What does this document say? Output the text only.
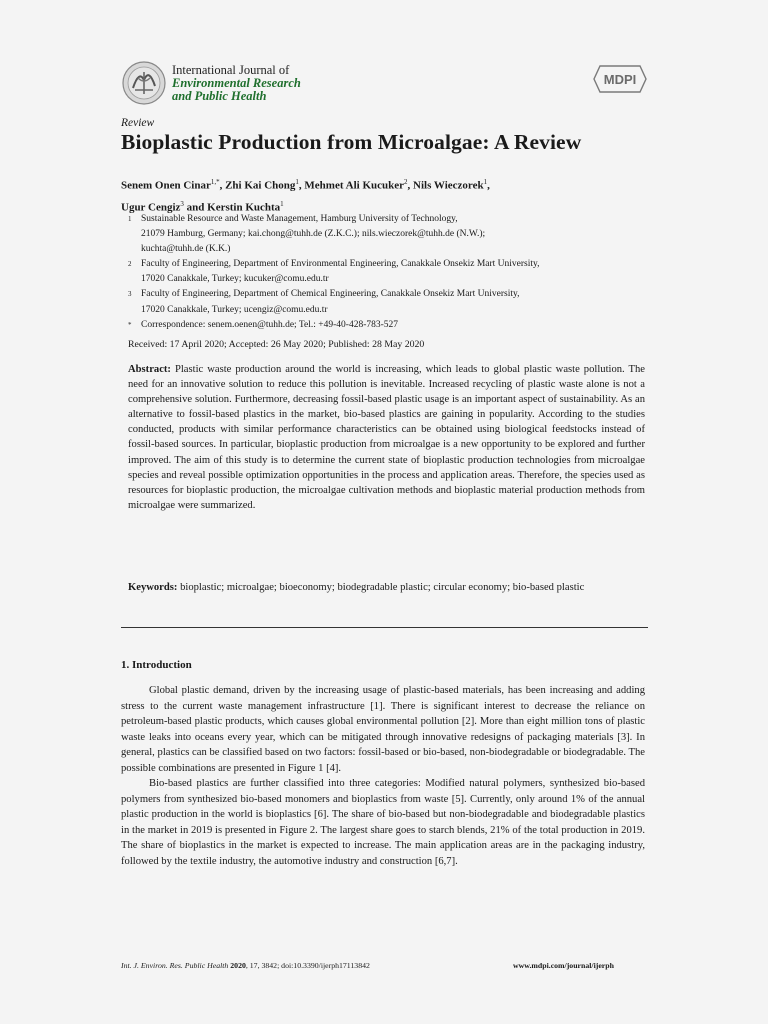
International Journal of
Environmental Research
and Public Health
MDPI
Review
Bioplastic Production from Microalgae: A Review
Senem Onen Cinar$^{1,*}$, Zhi Kai Chong$^1$, Mehmet Ali Kucuker$^2$, Nils Wieczorek$^1$,
Ugur Cengiz$^3$ and Kerstin Kuchta$^1$
1	Sustainable Resource and Waste Management, Hamburg University of Technology,
21079 Hamburg, Germany; kai.chong@tuhh.de (Z.K.C.); nils.wieczorek@tuhh.de (N.W.);
kuchta@tuhh.de (K.K.)
2	Faculty of Engineering, Department of Environmental Engineering, Canakkale Onsekiz Mart University,
17020 Canakkale, Turkey; kucuker@comu.edu.tr
3	Faculty of Engineering, Department of Chemical Engineering, Canakkale Onsekiz Mart University,
17020 Canakkale, Turkey; ucengiz@comu.edu.tr
*	Correspondence: senem.oenen@tuhh.de; Tel.: +49-40-428-783-527
Received: 17 April 2020; Accepted: 26 May 2020; Published: 28 May 2020
Abstract: Plastic waste production around the world is increasing, which leads to global plastic waste pollution. The need for an innovative solution to reduce this pollution is inevitable. Increased recycling of plastic waste alone is not a comprehensive solution. Furthermore, decreasing fossil-based plastic usage is an important aspect of sustainability. As an alternative to fossil-based plastics in the market, bio-based plastics are gaining in popularity. According to the studies conducted, products with similar performance characteristics can be obtained using biological feedstocks instead of fossil-based sources. In particular, bioplastic production from microalgae is a new opportunity to be explored and further improved. The aim of this study is to determine the current state of bioplastic production technologies from microalgae species and reveal possible optimization opportunities in the process and application areas. Therefore, the species used as resources for bioplastic production, the microalgae cultivation methods and bioplastic material production methods from microalgae were summarized.
Keywords: bioplastic; microalgae; bioeconomy; biodegradable plastic; circular economy; bio-based plastic
1. Introduction

Global plastic demand, driven by the increasing usage of plastic-based materials, has been increasing and adding stress to the current waste management infrastructure [1]. There is significant interest to decrease the reliance on petroleum-based plastic products, which causes global environmental pollution [2]. More than eight million tons of plastic waste leaks into oceans every year, which can be mitigated through innovative redesigns of packaging materials [3]. In general, plastics can be classified based on two factors: fossil-based or bio-based, non-biodegradable or biodegradable. The possible combinations are presented in Figure 1 [4].

Bio-based plastics are further classified into three categories: Modified natural polymers, synthesized bio-based polymers from synthesized bio-based monomers and bioplastics from waste [5]. Currently, only around 1% of the annual plastic production in the world is bioplastics [6]. The share of bio-based but non-biodegradable and biodegradable plastics in the market in 2019 is presented in Figure 2. The largest share goes to starch blends, 21% of the total production in 2019. The share of bioplastics in the market is expected to increase. The main application areas are in the packaging industry, followed by the textile industry, the automotive industry and construction [6,7].

Int. J. Environ. Res. Public Health 2020, 17, 3842; doi:10.3390/ijerph17113842	www.mdpi.com/journal/ijerph
